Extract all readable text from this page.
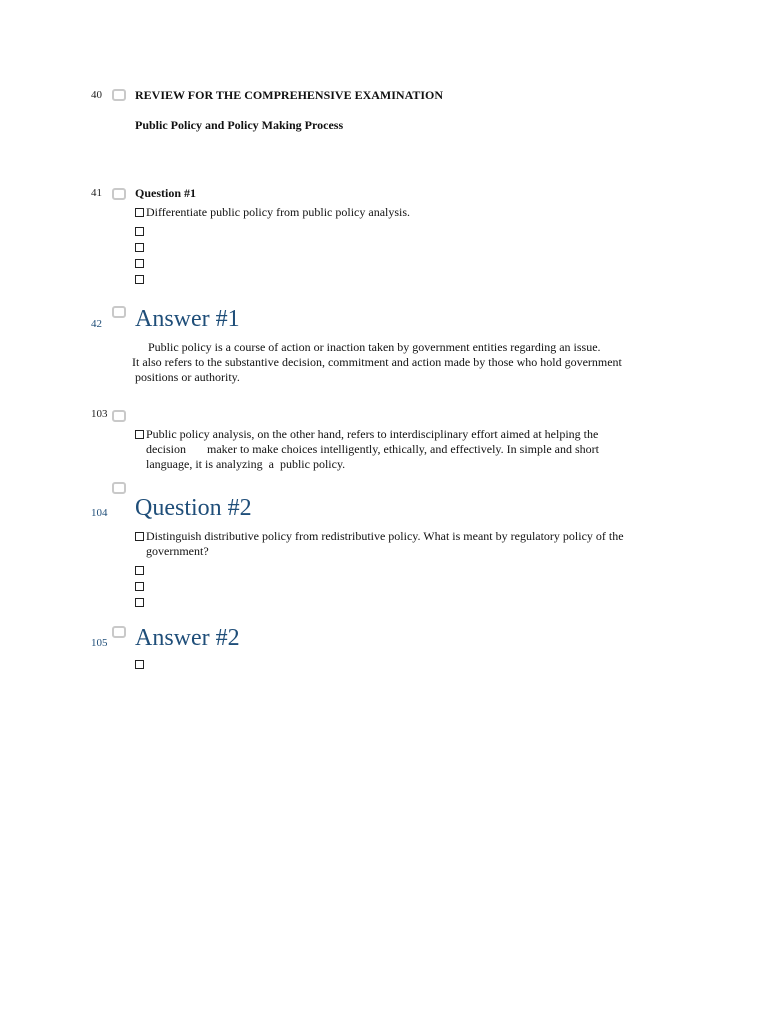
40	REVIEW FOR THE COMPREHENSIVE EXAMINATION
Public Policy and Policy Making Process
41	Question #1
Differentiate public policy from public policy analysis.
42 Answer #1
Public policy is a course of action or inaction taken by government entities regarding an issue.
It also refers to the substantive decision, commitment and action made by those who hold government
positions or authority.
103
Public policy analysis, on the other hand, refers to interdisciplinary effort aimed at helping the
decision       maker to make choices intelligently, ethically, and effectively. In simple and short
language, it is analyzing  a  public policy.
104 Question #2
Distinguish distributive policy from redistributive policy. What is meant by regulatory policy of the
government?
105 Answer #2
